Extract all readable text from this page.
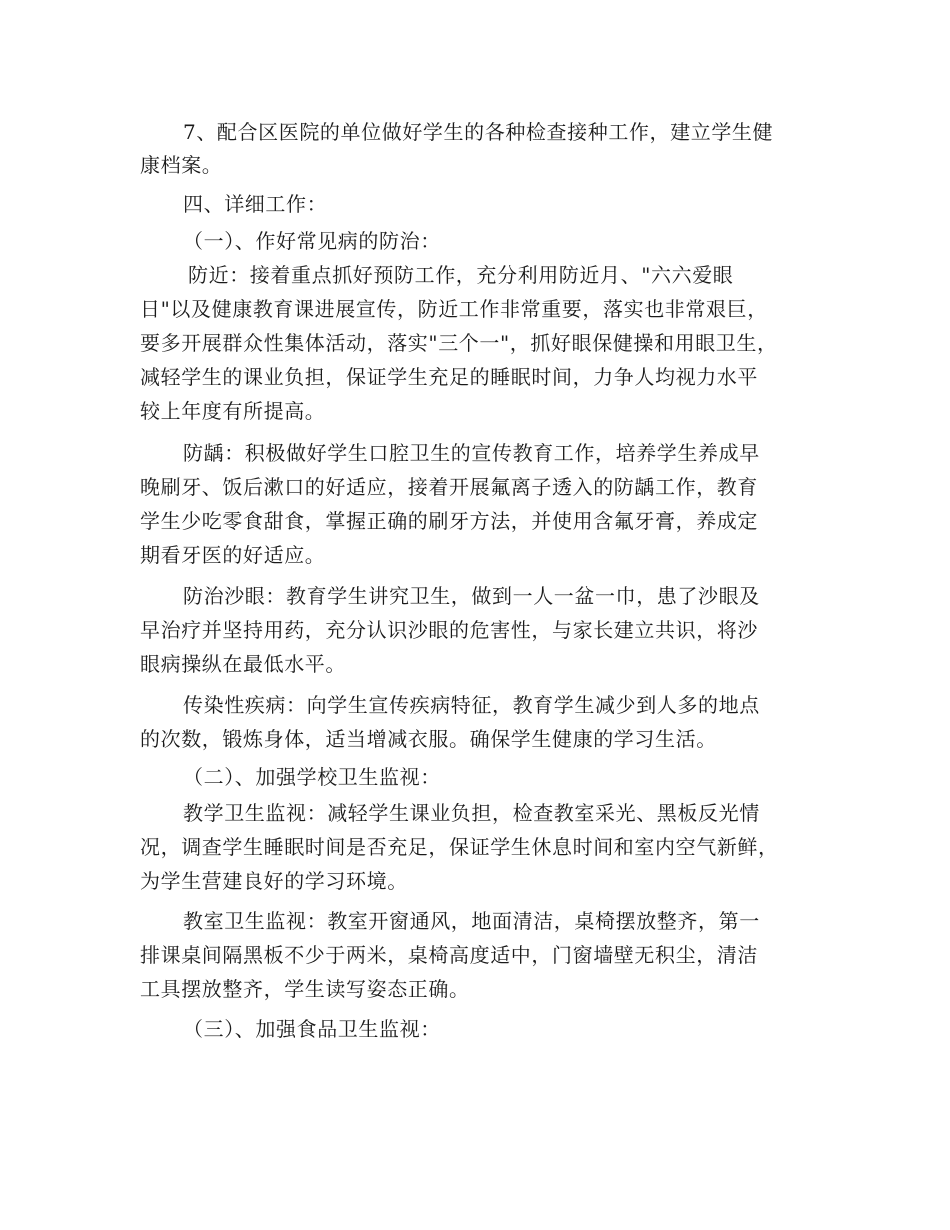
7、配合区医院的单位做好学生的各种检查接种工作，建立学生健
康档案。
四、详细工作：
（一）、作好常见病的防治：
防近：接着重点抓好预防工作，充分利用防近月、"六六爱眼
日"以及健康教育课进展宣传，防近工作非常重要，落实也非常艰巨，
要多开展群众性集体活动，落实"三个一"，抓好眼保健操和用眼卫生，
减轻学生的课业负担，保证学生充足的睡眠时间，力争人均视力水平
较上年度有所提高。
防龋：积极做好学生口腔卫生的宣传教育工作，培养学生养成早
晚刷牙、饭后漱口的好适应，接着开展氟离子透入的防龋工作，教育
学生少吃零食甜食，掌握正确的刷牙方法，并使用含氟牙膏，养成定
期看牙医的好适应。
防治沙眼：教育学生讲究卫生，做到一人一盆一巾，患了沙眼及
早治疗并坚持用药，充分认识沙眼的危害性，与家长建立共识，将沙
眼病操纵在最低水平。
传染性疾病：向学生宣传疾病特征，教育学生减少到人多的地点
的次数，锻炼身体，适当增减衣服。确保学生健康的学习生活。
（二）、加强学校卫生监视：
教学卫生监视：减轻学生课业负担，检查教室采光、黑板反光情
况，调查学生睡眠时间是否充足，保证学生休息时间和室内空气新鲜，
为学生营建良好的学习环境。
教室卫生监视：教室开窗通风，地面清洁，桌椅摆放整齐，第一
排课桌间隔黑板不少于两米，桌椅高度适中，门窗墙壁无积尘，清洁
工具摆放整齐，学生读写姿态正确。
（三）、加强食品卫生监视：
